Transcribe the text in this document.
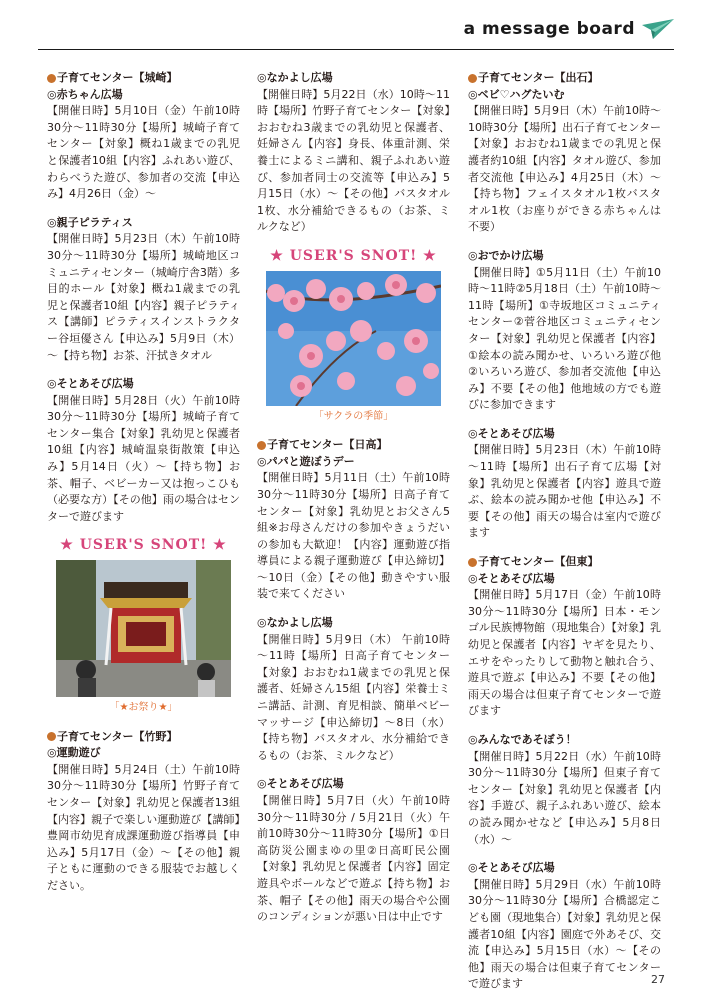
a message board
子育てセンター【城崎】
◎赤ちゃん広場
【開催日時】5月10日（金）午前10時30分～11時30分【場所】城崎子育てセンター【対象】概ね1歳までの乳児と保護者10組【内容】ふれあい遊び、わらべうた遊び、参加者の交流【申込み】4月26日（金）～
◎親子ピラティス
【開催日時】5月23日（木）午前10時30分～11時30分【場所】城崎地区コミュニティセンター（城崎庁舎3階）多目的ホール【対象】概ね1歳までの乳児と保護者10組【内容】親子ピラティス【講師】ピラティスインストラクター谷垣優さん【申込み】5月9日（木）～【持ち物】お茶、汗拭きタオル
◎そとあそび広場
【開催日時】5月28日（火）午前10時30分～11時30分【場所】城崎子育てセンター集合【対象】乳幼児と保護者10組【内容】城崎温泉街散策【申込み】5月14日（火）～【持ち物】お茶、帽子、ベビーカー又は抱っこひも（必要な方）【その他】雨の場合はセンターで遊びます
★ USER'S SNOT! ★
「★お祭り★」
子育てセンター【竹野】
◎運動遊び
【開催日時】5月24日（土）午前10時30分～11時30分【場所】竹野子育てセンター【対象】乳幼児と保護者13組【内容】親子で楽しい運動遊び【講師】豊岡市幼児育成課運動遊び指導員【申込み】5月17日（金）～【その他】親子ともに運動のできる服装でお越しください。
◎なかよし広場
【開催日時】5月22日（水）10時～11時【場所】竹野子育てセンター【対象】おおむね3歳までの乳幼児と保護者、妊婦さん【内容】身長、体重計測、栄養士によるミニ講和、親子ふれあい遊び、参加者同士の交流等【申込み】5月15日（水）～【その他】バスタオル1枚、水分補給できるもの（お茶、ミルクなど）
★ USER'S SNOT! ★
「サクラの季節」
子育てセンター【日高】
◎パパと遊ぼうデー
【開催日時】5月11日（土）午前10時30分～11時30分【場所】日高子育てセンター【対象】乳幼児とお父さん5組※お母さんだけの参加やきょうだいの参加も大歓迎！【内容】運動遊び指導員による親子運動遊び【申込締切】～10日（金）【その他】動きやすい服装で来てください
◎なかよし広場
【開催日時】5月9日（木） 午前10時～11時【場所】日高子育てセンター【対象】おおむね1歳までの乳児と保護者、妊婦さん15組【内容】栄養士ミニ講話、計測、育児相談、簡単ベビーマッサージ【申込締切】～8日（水）【持ち物】バスタオル、水分補給できるもの（お茶、ミルクなど）
◎そとあそび広場
【開催日時】5月7日（火）午前10時30分～11時30分 / 5月21日（火）午前10時30分～11時30分【場所】①日高防災公園まゆの里②日高町民公園【対象】乳幼児と保護者【内容】固定遊具やボールなどで遊ぶ【持ち物】お茶、帽子【その他】雨天の場合や公園のコンディションが悪い日は中止です
子育てセンター【出石】
◎ベビ♡ハグたいむ
【開催日時】5月9日（木）午前10時～10時30分【場所】出石子育てセンター【対象】おおむね1歳までの乳児と保護者約10組【内容】タオル遊び、参加者交流他【申込み】4月25日（木）～【持ち物】フェイスタオル1枚バスタオル1枚（お座りができる赤ちゃんは不要）
◎おでかけ広場
【開催日時】①5月11日（土）午前10時～11時②5月18日（土）午前10時～11時【場所】①寺坂地区コミュニティセンター②菅谷地区コミュニティセンター【対象】乳幼児と保護者【内容】①絵本の読み聞かせ、いろいろ遊び他②いろいろ遊び、参加者交流他【申込み】不要【その他】他地域の方でも遊びに参加できます
◎そとあそび広場
【開催日時】5月23日（木）午前10時～11時【場所】出石子育て広場【対象】乳幼児と保護者【内容】遊具で遊ぶ、絵本の読み聞かせ他【申込み】不要【その他】雨天の場合は室内で遊びます
子育てセンター【但東】
◎そとあそび広場
【開催日時】5月17日（金）午前10時30分～11時30分【場所】日本・モンゴル民族博物館（現地集合）【対象】乳幼児と保護者【内容】ヤギを見たり、エサをやったりして動物と触れ合う、遊具で遊ぶ【申込み】不要【その他】雨天の場合は但東子育てセンターで遊びます
◎みんなであそぼう！
【開催日時】5月22日（水）午前10時30分～11時30分【場所】但東子育てセンター【対象】乳幼児と保護者【内容】手遊び、親子ふれあい遊び、絵本の読み聞かせなど【申込み】5月8日（水）～
◎そとあそび広場
【開催日時】5月29日（水）午前10時30分～11時30分【場所】合橋認定こども園（現地集合）【対象】乳幼児と保護者10組【内容】園庭で外あそび、交流【申込み】5月15日（水）～【その他】雨天の場合は但東子育てセンターで遊びます	27
